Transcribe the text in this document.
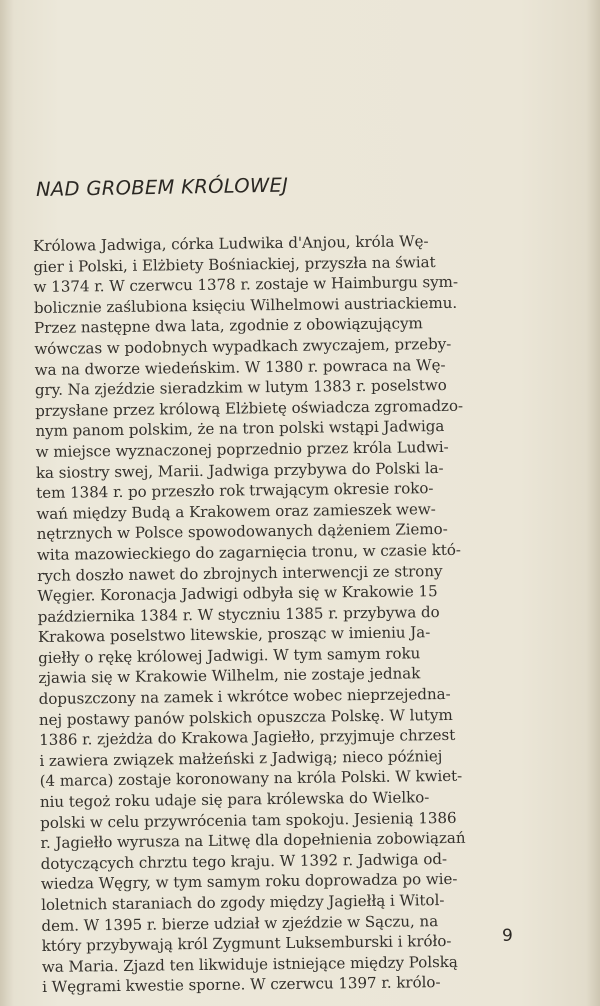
NAD GROBEM KRÓLOWEJ
Królowa Jadwiga, córka Ludwika d'Anjou, króla Wę-
gier i Polski, i Elżbiety Bośniackiej, przyszła na świat
w 1374 r. W czerwcu 1378 r. zostaje w Haimburgu sym-
bolicznie zaślubiona księciu Wilhelmowi austriackiemu.
Przez następne dwa lata, zgodnie z obowiązującym
wówczas w podobnych wypadkach zwyczajem, przeby-
wa na dworze wiedeńskim. W 1380 r. powraca na Wę-
gry. Na zjeździe sieradzkim w lutym 1383 r. poselstwo
przysłane przez królową Elżbietę oświadcza zgromadzo-
nym panom polskim, że na tron polski wstąpi Jadwiga
w miejsce wyznaczonej poprzednio przez króla Ludwi-
ka siostry swej, Marii. Jadwiga przybywa do Polski la-
tem 1384 r. po przeszło rok trwającym okresie roko-
wań między Budą a Krakowem oraz zamieszek wew-
nętrznych w Polsce spowodowanych dążeniem Ziemo-
wita mazowieckiego do zagarnięcia tronu, w czasie któ-
rych doszło nawet do zbrojnych interwencji ze strony
Węgier. Koronacja Jadwigi odbyła się w Krakowie 15
października 1384 r. W styczniu 1385 r. przybywa do
Krakowa poselstwo litewskie, prosząc w imieniu Ja-
giełły o rękę królowej Jadwigi. W tym samym roku
zjawia się w Krakowie Wilhelm, nie zostaje jednak
dopuszczony na zamek i wkrótce wobec nieprzejedna-
nej postawy panów polskich opuszcza Polskę. W lutym
1386 r. zjeżdża do Krakowa Jagiełło, przyjmuje chrzest
i zawiera związek małżeński z Jadwigą; nieco później
(4 marca) zostaje koronowany na króla Polski. W kwiet-
niu tegoż roku udaje się para królewska do Wielko-
polski w celu przywrócenia tam spokoju. Jesienią 1386
r. Jagiełło wyrusza na Litwę dla dopełnienia zobowiązań
dotyczących chrztu tego kraju. W 1392 r. Jadwiga od-
wiedza Węgry, w tym samym roku doprowadza po wie-
loletnich staraniach do zgody między Jagiełłą i Witol-
dem. W 1395 r. bierze udział w zjeździe w Sączu, na
który przybywają król Zygmunt Luksemburski i króło-
wa Maria. Zjazd ten likwiduje istniejące między Polską
i Węgrami kwestie sporne. W czerwcu 1397 r. królo-
9
